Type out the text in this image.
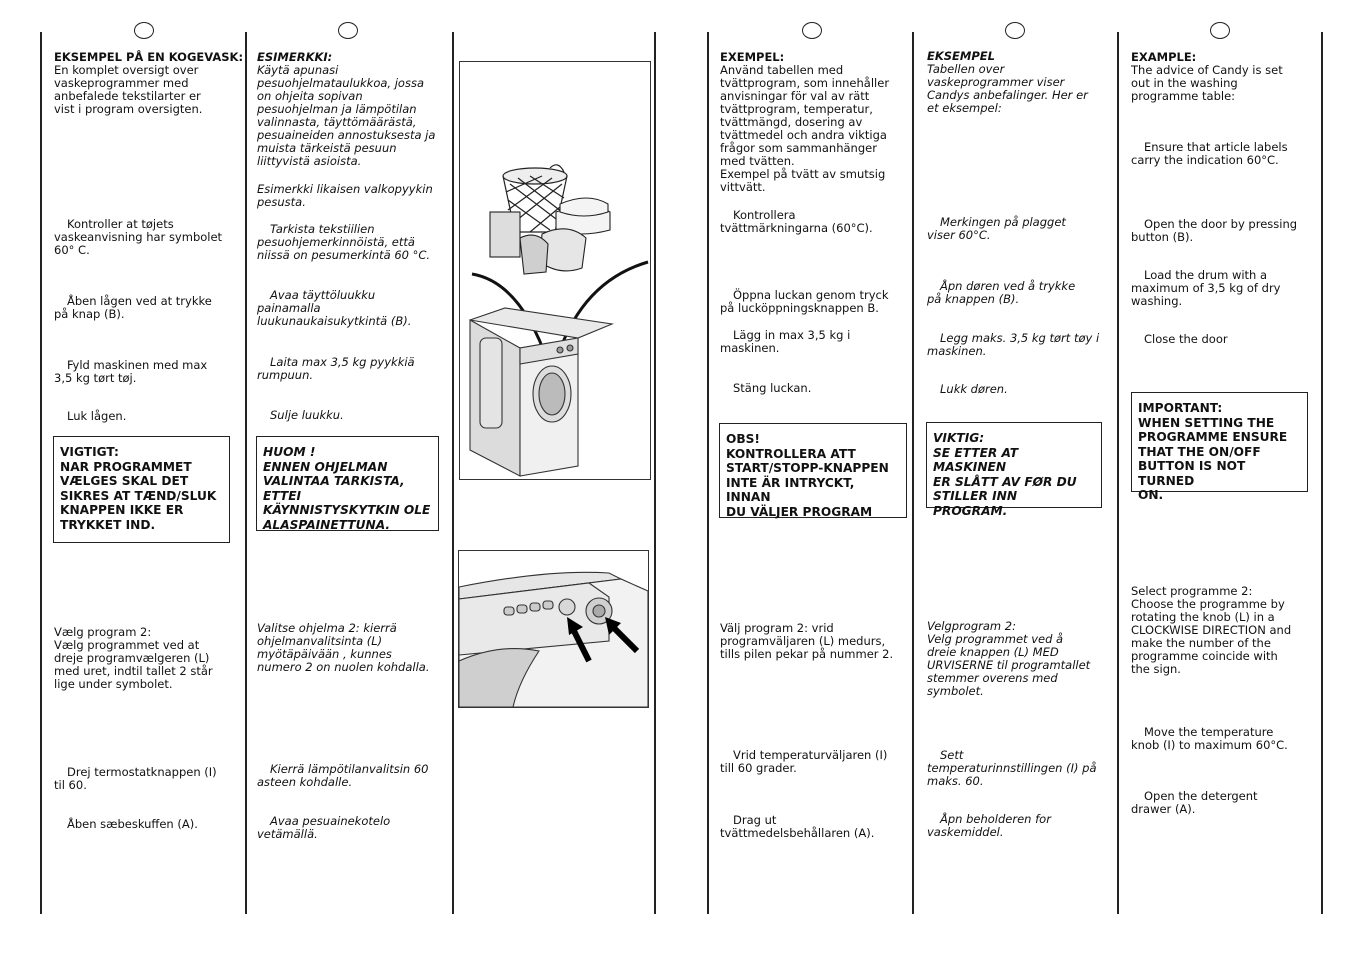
EKSEMPEL PÅ EN KOGEVASK:
En komplet oversigt over
vaskeprogrammer med
anbefalede tekstilarter er
vist i program oversigten.
Kontroller at tøjets
vaskeanvisning har symbolet
60° C.
Åben lågen ved at trykke
på knap (B).
Fyld maskinen med max
3,5 kg tørt tøj.
Luk lågen.
VIGTIGT:
NAR PROGRAMMET
VÆLGES SKAL DET
SIKRES AT TÆND/SLUK
KNAPPEN IKKE ER
TRYKKET IND.
Vælg program 2:
Vælg programmet ved at
dreje programvælgeren (L)
med uret, indtil tallet 2 står
lige under symbolet.
Drej termostatknappen (I)
til 60.
Åben sæbeskuffen (A).
ESIMERKKI:
Käytä apunasi
pesuohjelmataulukkoa, jossa
on ohjeita sopivan
pesuohjelman ja lämpötilan
valinnasta, täyttömäärästä,
pesuaineiden annostuksesta ja
muista tärkeistä pesuun
liittyvistä asioista.
Esimerkki likaisen valkopyykin
pesusta.
Tarkista tekstiilien
pesuohjemerkinnöistä, että
niissä on pesumerkintä 60 °C.
Avaa täyttöluukku
painamalla
luukunaukaisukytkintä (B).
Laita max 3,5 kg pyykkiä
rumpuun.
Sulje luukku.
HUOM !
ENNEN OHJELMAN
VALINTAA TARKISTA, ETTEI
KÄYNNISTYSKYTKIN OLE
ALASPAINETTUNA.
Valitse ohjelma 2: kierrä
ohjelmanvalitsinta (L)
myötäpäivään , kunnes
numero 2 on nuolen kohdalla.
Kierrä lämpötilanvalitsin 60
asteen kohdalle.
Avaa pesuainekotelo
vetämällä.
EXEMPEL:
Använd tabellen med
tvättprogram, som innehåller
anvisningar för val av rätt
tvättprogram, temperatur,
tvättmängd, dosering av
tvättmedel och andra viktiga
frågor som sammanhänger
med tvätten.
Exempel på tvätt av smutsig
vittvätt.
Kontrollera
tvättmärkningarna (60°C).
Öppna luckan genom tryck
på lucköppningsknappen B.
Lägg in max 3,5 kg i
maskinen.
Stäng luckan.
OBS!
KONTROLLERA ATT
START/STOPP-KNAPPEN
INTE ÄR INTRYCKT, INNAN
DU VÄLJER PROGRAM
Välj program 2: vrid
programväljaren (L) medurs,
tills pilen pekar på nummer 2.
Vrid temperaturväljaren (I)
till 60 grader.
Drag ut
tvättmedelsbehållaren (A).
EKSEMPEL
Tabellen over
vaskeprogrammer viser
Candys anbefalinger. Her er
et eksempel:
Merkingen på plagget
viser 60°C.
Åpn døren ved å trykke
på knappen (B).
Legg maks. 3,5 kg tørt tøy i
maskinen.
Lukk døren.
VIKTIG:
SE ETTER AT MASKINEN
ER SLÅTT AV FØR DU
STILLER INN PROGRAM.
Velgprogram 2:
Velg programmet ved å
dreie knappen (L) MED
URVISERNE til programtallet
stemmer overens med
symbolet.
Sett
temperaturinnstillingen (I) på
maks. 60.
Åpn beholderen for
vaskemiddel.
EXAMPLE:
The advice of Candy is set
out in the washing
programme table:
Ensure that article labels
carry the indication 60°C.
Open the door by pressing
button (B).
Load the drum with a
maximum of 3,5 kg of dry
washing.
Close the door
IMPORTANT:
WHEN SETTING THE
PROGRAMME ENSURE
THAT THE ON/OFF
BUTTON IS NOT TURNED
ON.
Select programme 2:
Choose the programme by
rotating the knob (L) in a
CLOCKWISE DIRECTION and
make the number of the
programme coincide with
the sign.
Move the temperature
knob (I) to maximum 60°C.
Open the detergent
drawer (A).
